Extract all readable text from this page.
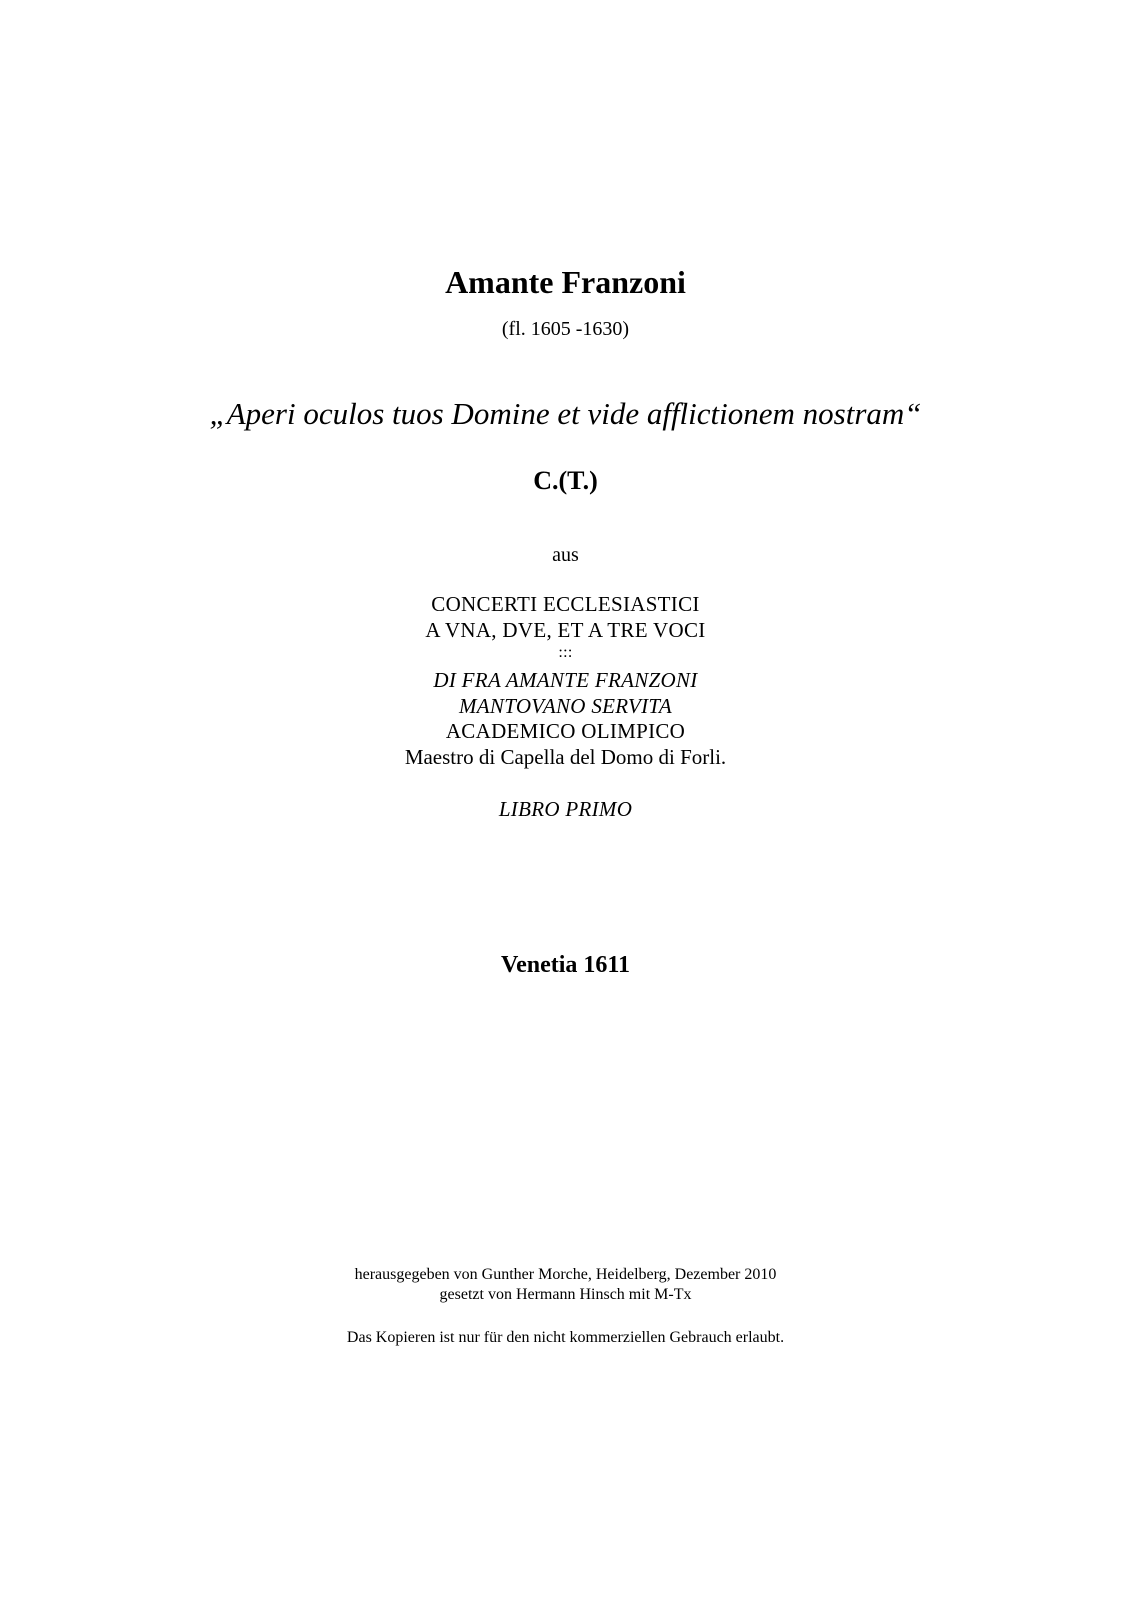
Amante Franzoni
(fl. 1605 -1630)
„Aperi oculos tuos Domine et vide afflictionem nostram“
C.(T.)
aus
CONCERTI ECCLESIASTICI
A VNA, DVE, ET A TRE VOCI
:::
DI FRA AMANTE FRANZONI
MANTOVANO SERVITA
ACADEMICO OLIMPICO
Maestro di Capella del Domo di Forli.
LIBRO PRIMO
Venetia 1611
herausgegeben von Gunther Morche, Heidelberg, Dezember 2010
gesetzt von Hermann Hinsch mit M-Tx
Das Kopieren ist nur für den nicht kommerziellen Gebrauch erlaubt.
